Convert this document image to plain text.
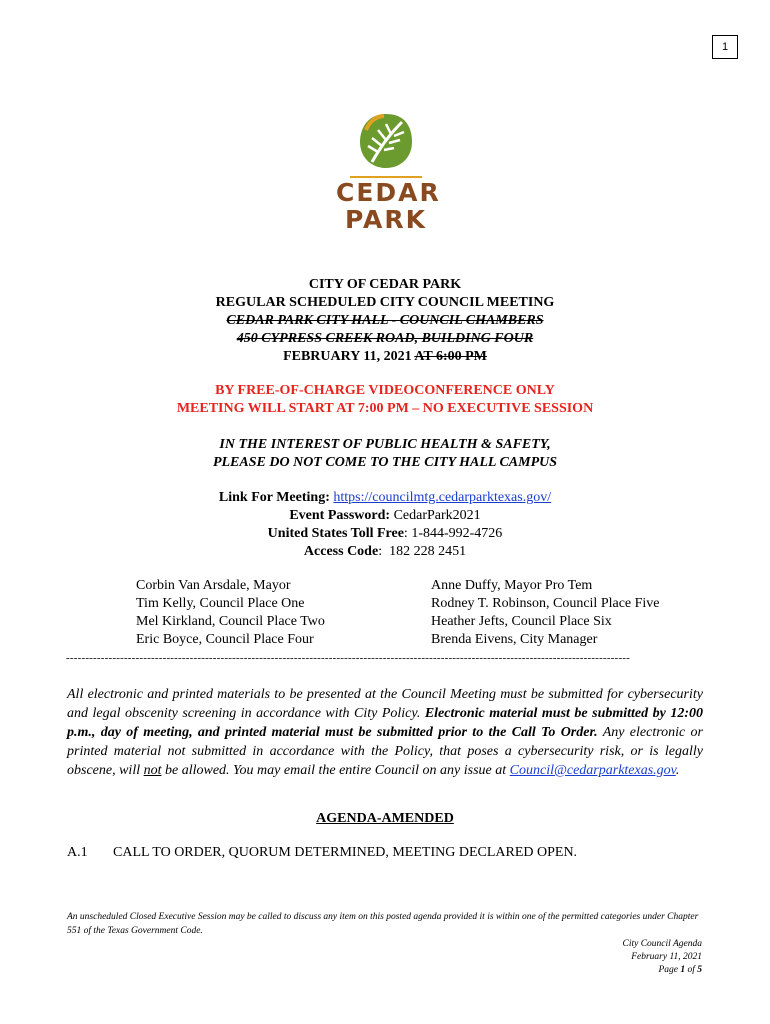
1
CEDAR
PARK
CITY OF CEDAR PARK
REGULAR SCHEDULED CITY COUNCIL MEETING
CEDAR PARK CITY HALL - COUNCIL CHAMBERS
450 CYPRESS CREEK ROAD, BUILDING FOUR
FEBRUARY 11, 2021 AT 6:00 PM
BY FREE-OF-CHARGE VIDEOCONFERENCE ONLY
MEETING WILL START AT 7:00 PM – NO EXECUTIVE SESSION
IN THE INTEREST OF PUBLIC HEALTH & SAFETY,
PLEASE DO NOT COME TO THE CITY HALL CAMPUS
Link For Meeting: https://councilmtg.cedarparktexas.gov/
Event Password: CedarPark2021
United States Toll Free: 1-844-992-4726
Access Code:  182 228 2451
Corbin Van Arsdale, Mayor
Tim Kelly, Council Place One
Mel Kirkland, Council Place Two
Eric Boyce, Council Place Four
Anne Duffy, Mayor Pro Tem
Rodney T. Robinson, Council Place Five
Heather Jefts, Council Place Six
Brenda Eivens, City Manager
--------------------------------------------------------------------------------------------------------------------------------------------------
All electronic and printed materials to be presented at the Council Meeting must be submitted for cybersecurity and legal obscenity screening in accordance with City Policy. Electronic material must be submitted by 12:00 p.m., day of meeting, and printed material must be submitted prior to the Call To Order. Any electronic or printed material not submitted in accordance with the Policy, that poses a cybersecurity risk, or is legally obscene, will not be allowed. You may email the entire Council on any issue at Council@cedarparktexas.gov.
AGENDA-AMENDED
A.1 CALL TO ORDER, QUORUM DETERMINED, MEETING DECLARED OPEN.
An unscheduled Closed Executive Session may be called to discuss any item on this posted agenda provided it is within one of the permitted categories under Chapter 551 of the Texas Government Code.
City Council Agenda
February 11, 2021
Page 1 of 5
